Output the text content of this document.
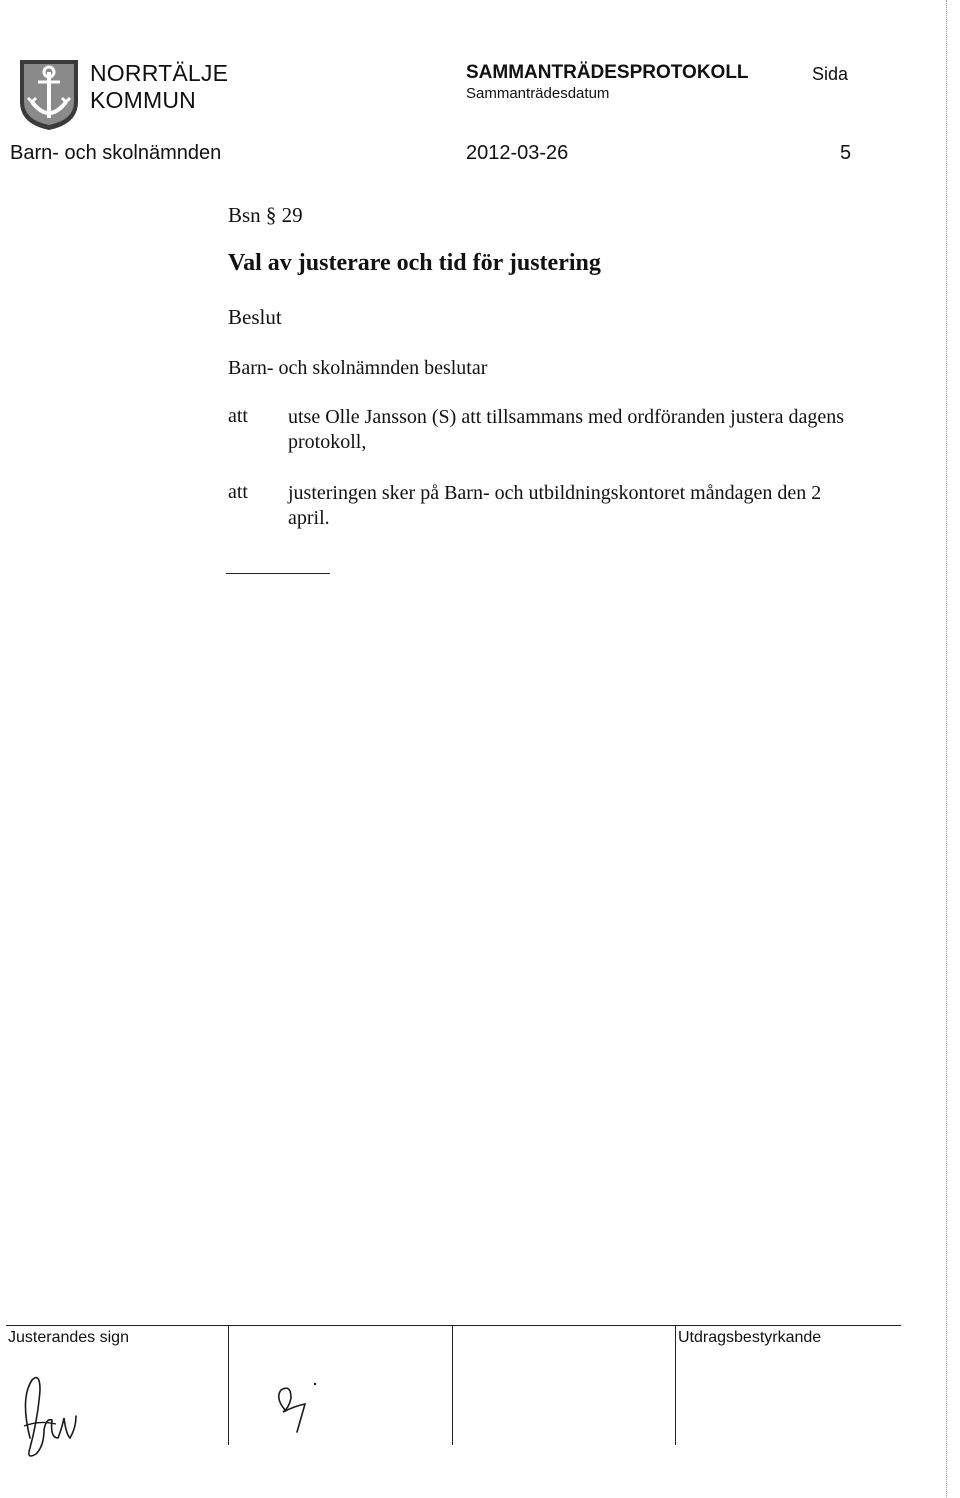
NORRTÄLJE
KOMMUN
SAMMANTRÄDESPROTOKOLL
Sammanträdesdatum
Sida
Barn- och skolnämnden	2012-03-26	5
Bsn § 29
Val av justerare och tid för justering
Beslut
Barn- och skolnämnden beslutar
att utse Olle Jansson (S) att tillsammans med ordföranden justera dagens protokoll,
att justeringen sker på Barn- och utbildningskontoret måndagen den 2 april.
Justerandes sign	Utdragsbestyrkande
